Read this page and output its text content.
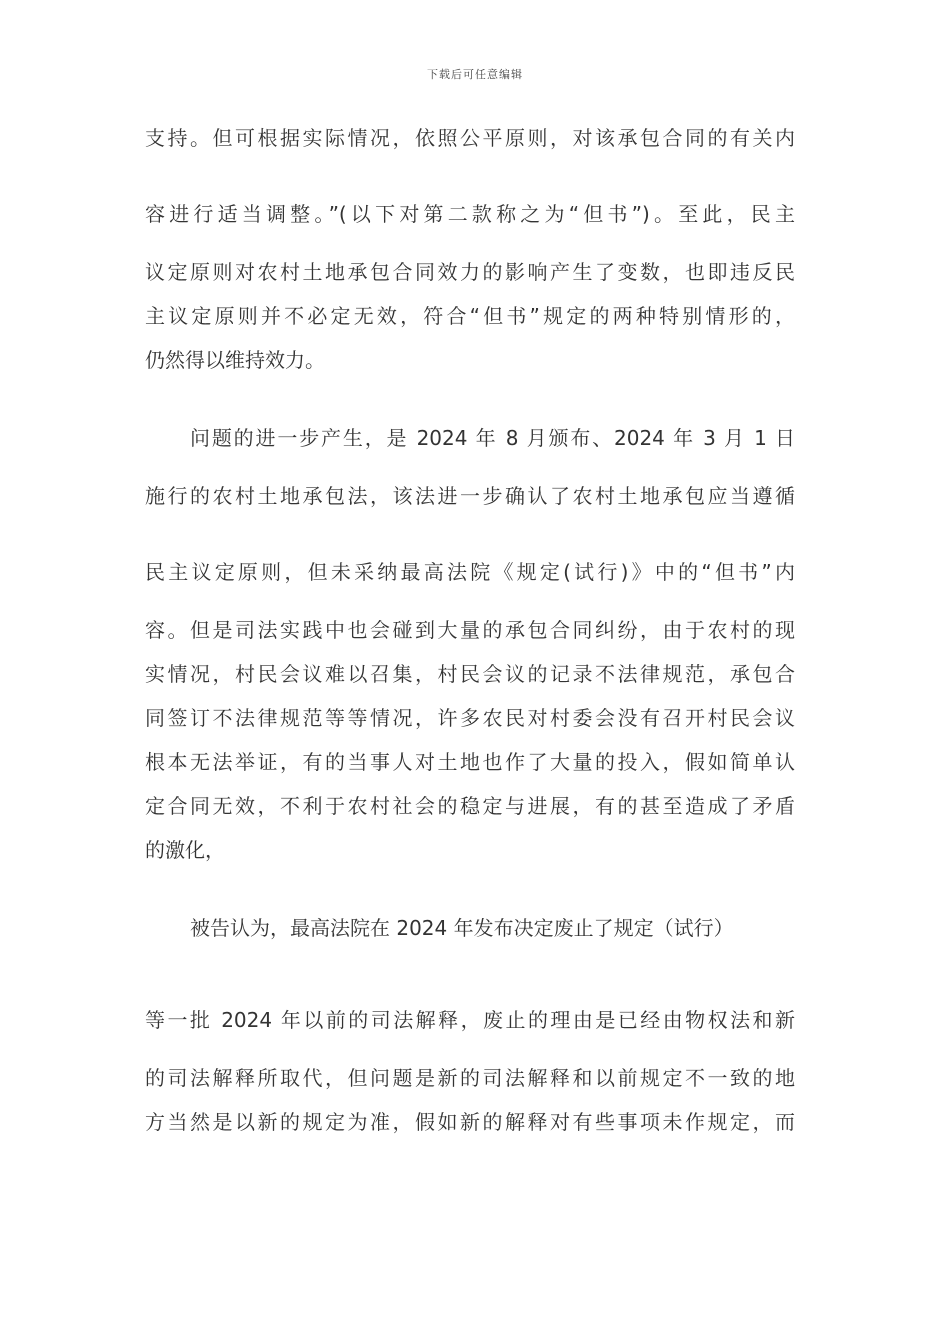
下载后可任意编辑
支持。但可根据实际情况，依照公平原则，对该承包合同的有关内
容进行适当调整。”(以下对第二款称之为“但书”)。至此，民主
议定原则对农村土地承包合同效力的影响产生了变数，也即违反民
主议定原则并不必定无效，符合“但书”规定的两种特别情形的，
仍然得以维持效力。
问题的进一步产生，是 2024 年 8 月颁布、2024 年 3 月 1 日
施行的农村土地承包法，该法进一步确认了农村土地承包应当遵循
民主议定原则，但未采纳最高法院《规定(试行)》中的“但书”内
容。但是司法实践中也会碰到大量的承包合同纠纷，由于农村的现
实情况，村民会议难以召集，村民会议的记录不法律规范，承包合
同签订不法律规范等等情况，许多农民对村委会没有召开村民会议
根本无法举证，有的当事人对土地也作了大量的投入，假如简单认
定合同无效，不利于农村社会的稳定与进展，有的甚至造成了矛盾
的激化，
被告认为，最高法院在 2024 年发布决定废止了规定（试行）
等一批 2024 年以前的司法解释，废止的理由是已经由物权法和新
的司法解释所取代，但问题是新的司法解释和以前规定不一致的地
方当然是以新的规定为准，假如新的解释对有些事项未作规定，而
